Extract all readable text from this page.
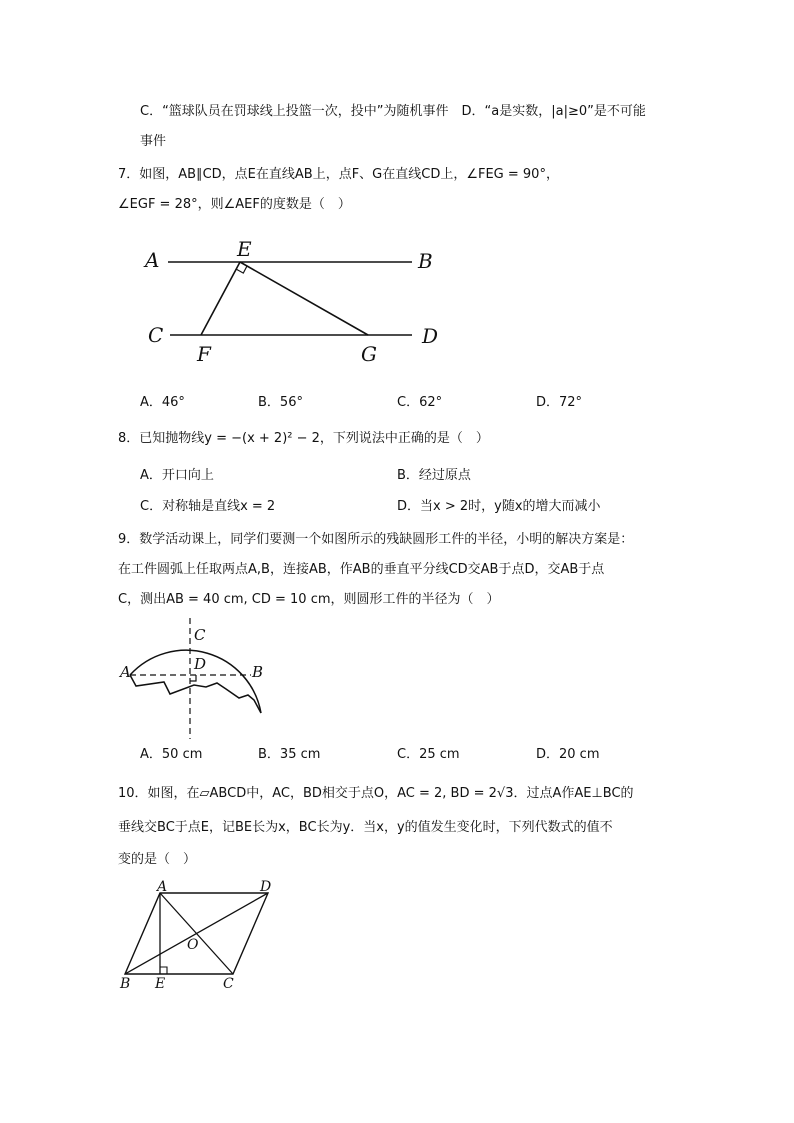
C．“篮球队员在罚球线上投篮一次，投中”为随机事件　D．“a是实数，|a|≥0”是不可能
事件
7．如图，AB∥CD，点E在直线AB上，点F、G在直线CD上，∠FEG = 90°，
∠EGF = 28°，则∠AEF的度数是（　）
A	B
C	D
E
F	G
A．46°	B．56°	C．62°	D．72°
8．已知抛物线y = −(x + 2)² − 2，下列说法中正确的是（　）
A．开口向上	B．经过原点
C．对称轴是直线x = 2	D．当x > 2时，y随x的增大而减小
9．数学活动课上，同学们要测一个如图所示的残缺圆形工件的半径，小明的解决方案是：
在工件圆弧上任取两点A,B，连接AB，作AB的垂直平分线CD交AB于点D，交AB于点
C，测出AB = 40 cm, CD = 10 cm，则圆形工件的半径为（　）
A	B
C
D
A．50 cm	B．35 cm	C．25 cm	D．20 cm
10．如图，在▱ABCD中，AC，BD相交于点O，AC = 2, BD = 2√3．过点A作AE⊥BC的
垂线交BC于点E，记BE长为x，BC长为y．当x，y的值发生变化时，下列代数式的值不
变的是（　）
A	D
B E	C
O
